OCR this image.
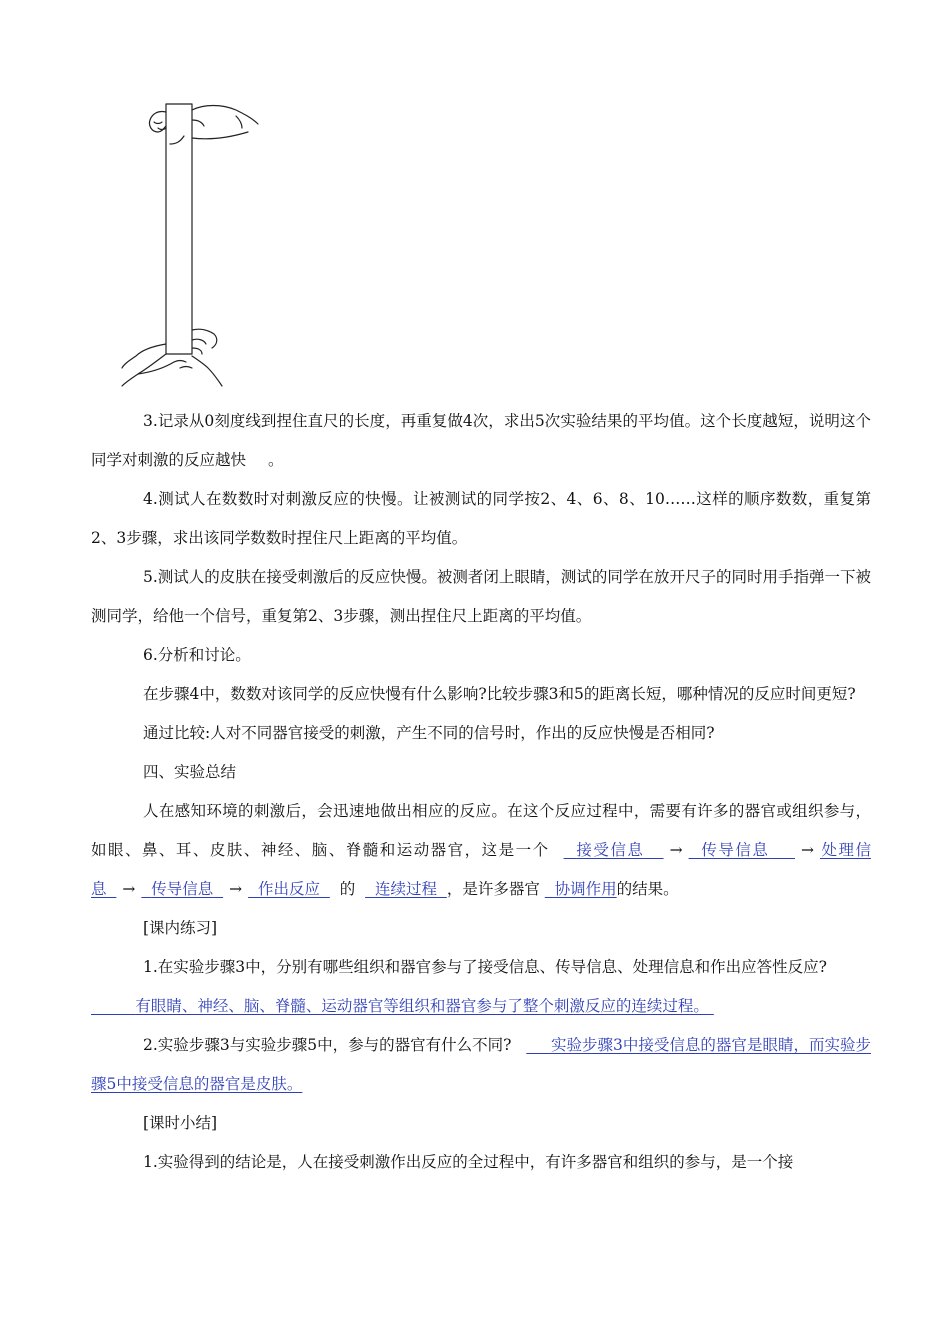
3.记录从0刻度线到捏住直尺的长度，再重复做4次，求出5次实验结果的平均值。这个长度越短，说明这个同学对刺激的反应越快 。

4.测试人在数数时对刺激反应的快慢。让被测试的同学按2、4、6、8、10……这样的顺序数数，重复第2、3步骤，求出该同学数数时捏住尺上距离的平均值。

5.测试人的皮肤在接受刺激后的反应快慢。被测者闭上眼睛，测试的同学在放开尺子的同时用手指弹一下被测同学，给他一个信号，重复第2、3步骤，测出捏住尺上距离的平均值。

6.分析和讨论。

在步骤4中，数数对该同学的反应快慢有什么影响?比较步骤3和5的距离长短，哪种情况的反应时间更短?

通过比较:人对不同器官接受的刺激，产生不同的信号时，作出的反应快慢是否相同?

四、实验总结

人在感知环境的刺激后，会迅速地做出相应的反应。在这个反应过程中，需要有许多的器官或组织参与，如眼、鼻、耳、皮肤、神经、脑、脊髓和运动器官，这是一个 接受信息 → 传导信息 → 处理信息 → 传导信息 → 作出反应 的 连续过程 ，是许多器官 协调作用的结果。

[课内练习]

1.在实验步骤3中，分别有哪些组织和器官参与了接受信息、传导信息、处理信息和作出应答性反应?

有眼睛、神经、脑、脊髓、运动器官等组织和器官参与了整个刺激反应的连续过程。

2.实验步骤3与实验步骤5中，参与的器官有什么不同?	实验步骤3中接受信息的器官是眼睛，而实验步骤5中接受信息的器官是皮肤。

[课时小结]

1.实验得到的结论是，人在接受刺激作出反应的全过程中，有许多器官和组织的参与，是一个接
